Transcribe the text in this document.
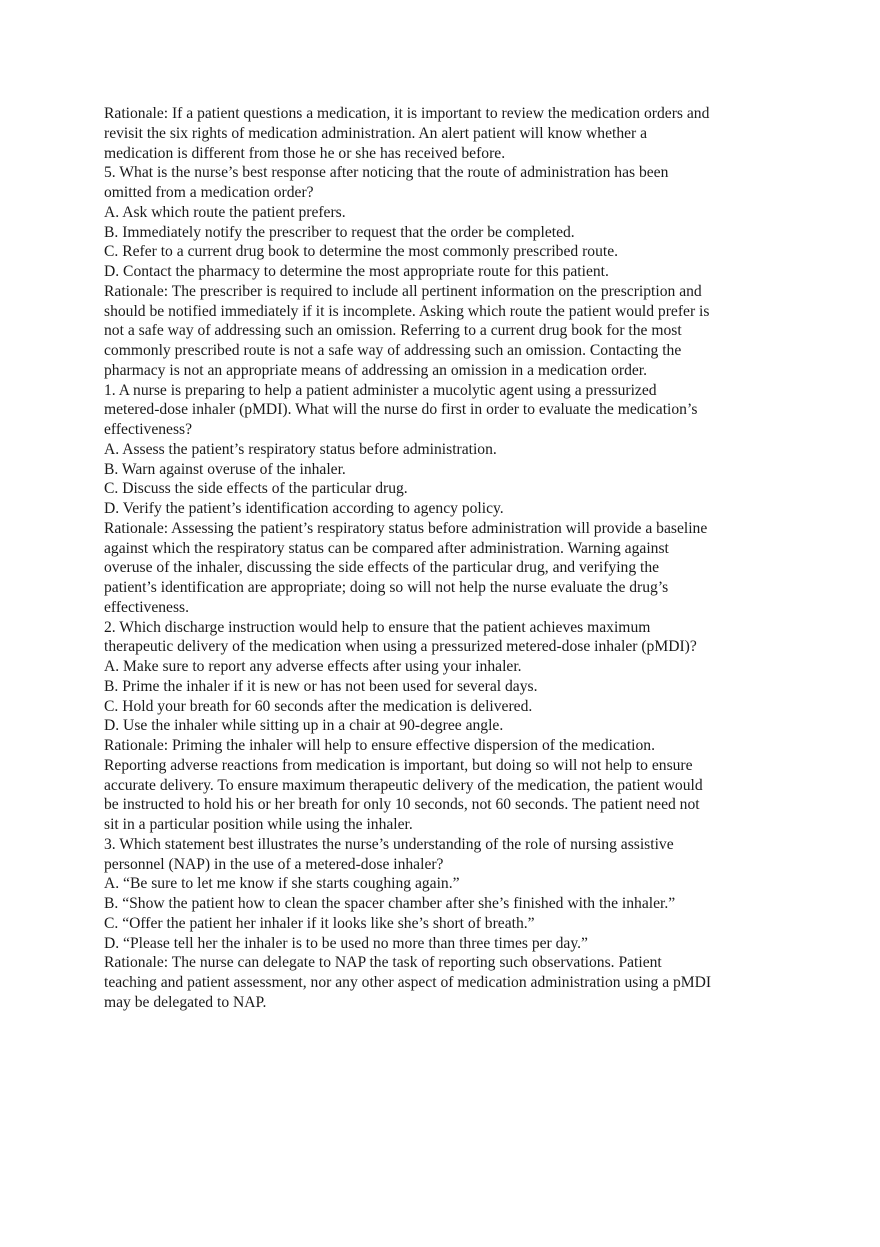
Rationale: If a patient questions a medication, it is important to review the medication orders and
revisit the six rights of medication administration. An alert patient will know whether a
medication is different from those he or she has received before.
5. What is the nurse’s best response after noticing that the route of administration has been
omitted from a medication order?
A. Ask which route the patient prefers.
B. Immediately notify the prescriber to request that the order be completed.
C. Refer to a current drug book to determine the most commonly prescribed route.
D. Contact the pharmacy to determine the most appropriate route for this patient.
Rationale: The prescriber is required to include all pertinent information on the prescription and
should be notified immediately if it is incomplete. Asking which route the patient would prefer is
not a safe way of addressing such an omission. Referring to a current drug book for the most
commonly prescribed route is not a safe way of addressing such an omission. Contacting the
pharmacy is not an appropriate means of addressing an omission in a medication order.
1. A nurse is preparing to help a patient administer a mucolytic agent using a pressurized
metered-dose inhaler (pMDI). What will the nurse do first in order to evaluate the medication’s
effectiveness?
A. Assess the patient’s respiratory status before administration.
B. Warn against overuse of the inhaler.
C. Discuss the side effects of the particular drug.
D. Verify the patient’s identification according to agency policy.
Rationale: Assessing the patient’s respiratory status before administration will provide a baseline
against which the respiratory status can be compared after administration. Warning against
overuse of the inhaler, discussing the side effects of the particular drug, and verifying the
patient’s identification are appropriate; doing so will not help the nurse evaluate the drug’s
effectiveness.
2. Which discharge instruction would help to ensure that the patient achieves maximum
therapeutic delivery of the medication when using a pressurized metered-dose inhaler (pMDI)?
A. Make sure to report any adverse effects after using your inhaler.
B. Prime the inhaler if it is new or has not been used for several days.
C. Hold your breath for 60 seconds after the medication is delivered.
D. Use the inhaler while sitting up in a chair at 90-degree angle.
Rationale: Priming the inhaler will help to ensure effective dispersion of the medication.
Reporting adverse reactions from medication is important, but doing so will not help to ensure
accurate delivery. To ensure maximum therapeutic delivery of the medication, the patient would
be instructed to hold his or her breath for only 10 seconds, not 60 seconds. The patient need not
sit in a particular position while using the inhaler.
3. Which statement best illustrates the nurse’s understanding of the role of nursing assistive
personnel (NAP) in the use of a metered-dose inhaler?
A. “Be sure to let me know if she starts coughing again.”
B. “Show the patient how to clean the spacer chamber after she’s finished with the inhaler.”
C. “Offer the patient her inhaler if it looks like she’s short of breath.”
D. “Please tell her the inhaler is to be used no more than three times per day.”
Rationale: The nurse can delegate to NAP the task of reporting such observations. Patient
teaching and patient assessment, nor any other aspect of medication administration using a pMDI
may be delegated to NAP.
